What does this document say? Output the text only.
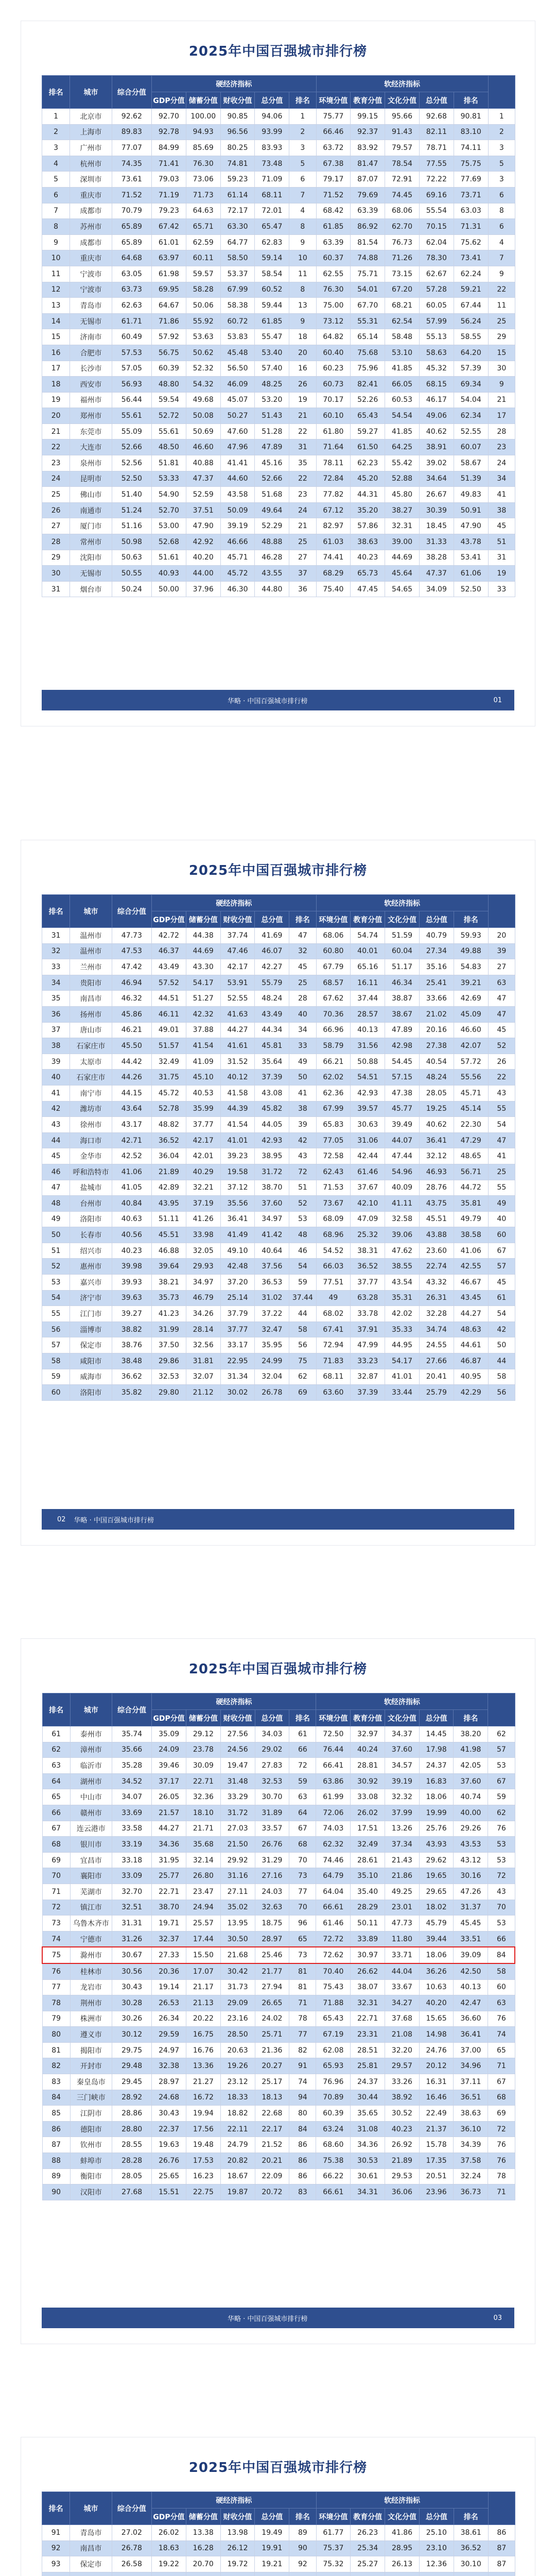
2025年中国百强城市排行榜
排名	城市	综合分值	硬经济指标					软经济指标					
			GDP分值	储蓄分值	财收分值	总分值	排名	环境分值	教育分值	文化分值	总分值	排名	
1	北京市	92.62	92.70	100.00	90.85	94.06	1	75.77	99.15	95.66	92.68	90.81	1
2	上海市	89.83	92.78	94.93	96.56	93.99	2	66.46	92.37	91.43	82.11	83.10	2
3	广州市	77.07	84.99	85.69	80.25	83.93	3	63.72	83.92	79.57	78.71	74.11	3
4	杭州市	74.35	71.41	76.30	74.81	73.48	5	67.38	81.47	78.54	77.55	75.75	5
5	深圳市	73.61	79.03	73.06	59.23	71.09	6	79.17	87.07	72.91	72.22	77.69	3
6	重庆市	71.52	71.19	71.73	61.14	68.11	7	71.52	79.69	74.45	69.16	73.71	6
7	成都市	70.79	79.23	64.63	72.17	72.01	4	68.42	63.39	68.06	55.54	63.03	8
8	苏州市	65.89	67.42	65.71	63.30	65.47	8	61.85	86.92	62.70	70.15	71.31	6
9	成都市	65.89	61.01	62.59	64.77	62.83	9	63.39	81.54	76.73	62.04	75.62	4
10	重庆市	64.68	63.97	60.11	58.50	59.14	10	60.37	74.88	71.26	78.30	73.41	7
11	宁波市	63.05	61.98	59.57	53.37	58.54	11	62.55	75.71	73.15	62.67	62.24	9
12	宁波市	63.73	69.95	58.28	67.99	60.52	8	76.30	54.01	67.20	57.28	59.21	22
13	青岛市	62.63	64.67	50.06	58.38	59.44	13	75.00	67.70	68.21	60.05	67.44	11
14	无锡市	61.71	71.86	55.92	60.72	61.85	9	73.12	55.31	62.54	57.99	56.24	25
15	济南市	60.49	57.92	53.63	53.83	55.47	18	64.82	65.14	58.48	55.13	58.55	29
16	合肥市	57.53	56.75	50.62	45.48	53.40	20	60.40	75.68	53.10	58.63	64.20	15
17	长沙市	57.05	60.39	52.32	56.50	57.40	16	60.23	75.96	41.85	45.32	57.39	30
18	西安市	56.93	48.80	54.32	46.09	48.25	26	60.73	82.41	66.05	68.15	69.34	9
19	福州市	56.44	59.54	49.68	45.07	53.20	19	70.17	52.26	60.53	46.17	54.04	21
20	郑州市	55.61	52.72	50.08	50.27	51.43	21	60.10	65.43	54.54	49.06	62.34	17
21	东莞市	55.09	55.61	50.69	47.60	51.28	22	61.80	59.27	41.85	40.62	52.55	28
22	大连市	52.66	48.50	46.60	47.96	47.89	31	71.64	61.50	64.25	38.91	60.07	23
23	泉州市	52.56	51.81	40.88	41.41	45.16	35	78.11	62.23	55.42	39.02	58.67	24
24	昆明市	52.50	53.33	47.37	44.60	52.66	22	72.84	45.20	52.88	34.64	51.39	34
25	佛山市	51.40	54.90	52.59	43.58	51.68	23	77.82	44.31	45.80	26.67	49.83	41
26	南通市	51.24	52.70	37.51	50.09	49.64	24	67.12	35.20	38.27	30.39	50.91	38
27	厦门市	51.16	53.00	47.90	39.19	52.29	21	82.97	57.86	32.31	18.45	47.90	45
28	常州市	50.98	52.68	42.92	46.66	48.88	25	61.03	38.63	39.00	31.33	43.78	51
29	沈阳市	50.63	51.61	40.20	45.71	46.28	27	74.41	40.23	44.69	38.28	53.41	31
30	无锡市	50.55	40.93	44.00	45.72	43.55	37	68.29	65.73	45.64	47.37	61.06	19
31	烟台市	50.24	50.00	37.96	46.30	44.80	36	75.40	47.45	54.65	34.09	52.50	33
华略 · 中国百强城市排行榜	01
2025年中国百强城市排行榜
排名	城市	综合分值	硬经济指标					软经济指标					
			GDP分值	储蓄分值	财收分值	总分值	排名	环境分值	教育分值	文化分值	总分值	排名	
31	温州市	47.73	42.72	44.38	37.74	41.69	47	68.06	54.74	51.59	40.79	59.93	20
32	温州市	47.53	46.37	44.69	47.46	46.07	32	60.80	40.01	60.04	27.34	49.88	39
33	兰州市	47.42	43.49	43.30	42.17	42.27	45	67.79	65.16	51.17	35.16	54.83	27
34	贵阳市	46.94	57.52	54.17	53.91	55.79	25	68.57	16.11	46.34	25.41	39.21	63
35	南昌市	46.32	44.51	51.27	52.55	48.24	28	67.62	37.44	38.87	33.66	42.69	47
36	扬州市	45.86	46.11	42.32	41.63	43.49	40	70.36	28.57	38.67	21.02	45.09	47
37	唐山市	46.21	49.01	37.88	44.27	44.34	34	66.96	40.13	47.89	20.16	46.60	45
38	石家庄市	45.50	51.57	41.54	41.61	45.81	33	58.79	31.56	42.98	27.38	42.07	52
39	太原市	44.42	32.49	41.09	31.52	35.64	49	66.21	50.88	54.45	40.54	57.72	26
40	石家庄市	44.26	31.75	45.10	40.12	37.39	50	62.02	54.51	57.15	48.24	55.56	22
41	南宁市	44.15	45.72	40.53	41.58	43.08	41	62.36	42.93	47.38	28.05	45.71	43
42	潍坊市	43.64	52.78	35.99	44.39	45.82	38	67.99	39.57	45.77	19.25	45.14	55
43	徐州市	43.17	48.82	37.77	41.54	44.05	39	65.83	30.63	39.49	40.62	22.30	54
44	海口市	42.71	36.52	42.17	41.01	42.93	42	77.05	31.06	44.07	36.41	47.29	47
45	金华市	42.52	36.04	42.01	39.23	38.95	43	72.58	42.44	47.44	32.12	48.65	41
46	呼和浩特市	41.06	21.89	40.29	19.58	31.72	72	62.43	61.46	54.96	46.93	56.71	25
47	盐城市	41.05	42.89	32.21	37.12	38.70	51	71.53	37.67	40.09	28.76	44.72	55
48	台州市	40.84	43.95	37.19	35.56	37.60	52	73.67	42.10	41.11	43.75	35.81	49
49	洛阳市	40.63	51.11	41.26	36.41	34.97	53	68.09	47.09	32.58	45.51	49.79	40
50	长春市	40.56	45.51	33.98	41.49	41.42	48	68.96	25.32	39.06	43.88	38.58	60
51	绍兴市	40.23	46.88	32.05	49.10	40.64	46	54.52	38.31	47.62	23.60	41.06	67
52	惠州市	39.98	39.64	29.93	42.48	37.56	54	66.03	36.52	38.55	22.74	42.55	57
53	嘉兴市	39.93	38.21	34.97	37.20	36.53	59	77.51	37.77	43.54	43.32	46.67	45
54	济宁市	39.63	35.73	46.79	25.14	31.02	37.44	49	63.28	35.31	26.31	43.45	61
55	江门市	39.27	41.23	34.26	37.79	37.22	44	68.02	33.78	42.02	32.28	44.27	54
56	淄博市	38.82	31.99	28.14	37.77	32.47	58	67.41	37.91	35.33	34.74	48.63	42
57	保定市	38.76	37.50	32.56	33.17	35.95	56	72.94	47.99	44.95	24.55	44.61	50
58	咸阳市	38.48	29.86	31.81	22.95	24.99	75	71.83	33.23	54.17	27.66	46.87	44
59	威海市	36.62	32.53	32.07	31.34	32.04	62	68.11	32.87	41.01	20.41	40.95	58
60	洛阳市	35.82	29.80	21.12	30.02	26.78	69	63.60	37.39	33.44	25.79	42.29	56
华略 · 中国百强城市排行榜
02
2025年中国百强城市排行榜
排名	城市	综合分值	硬经济指标					软经济指标					
			GDP分值	储蓄分值	财收分值	总分值	排名	环境分值	教育分值	文化分值	总分值	排名	
61	泰州市	35.74	35.09	29.12	27.56	34.03	61	72.50	32.97	34.37	14.45	38.20	62
62	漳州市	35.66	24.09	23.78	24.56	29.02	66	76.44	40.24	37.60	17.98	41.98	57
63	临沂市	35.28	39.46	30.09	19.47	27.83	72	66.41	28.81	34.57	24.37	42.05	53
64	湖州市	34.52	37.17	22.71	31.48	32.53	59	63.86	30.92	39.19	16.83	37.60	67
65	中山市	34.07	26.05	32.36	33.29	30.70	63	61.99	33.08	32.32	18.06	40.74	59
66	赣州市	33.69	21.57	18.10	31.72	31.89	64	72.06	26.02	37.99	19.99	40.00	62
67	连云港市	33.58	44.27	21.71	27.03	33.57	67	74.03	17.51	13.26	25.76	29.26	76
68	银川市	33.19	34.36	35.68	21.50	26.76	68	62.32	32.49	37.34	43.93	43.53	53
69	宜昌市	33.18	31.95	32.14	29.92	31.29	70	74.46	28.61	21.43	29.62	43.12	53
70	襄阳市	33.09	25.77	26.80	31.16	27.16	73	64.79	35.10	21.86	19.65	30.16	72
71	芜湖市	32.70	22.71	23.47	27.11	24.03	77	64.04	35.40	49.25	29.65	47.26	43
72	镇江市	32.51	38.70	24.94	35.02	32.63	70	66.61	28.29	23.01	18.02	31.37	70
73	乌鲁木齐市	31.31	19.71	25.57	13.95	18.75	96	61.46	50.11	47.73	45.79	45.45	53
74	宁德市	31.26	32.37	17.44	30.50	28.97	65	72.72	33.89	11.80	39.44	33.51	66
75	滁州市	30.67	27.33	15.50	21.68	25.46	73	72.62	30.97	33.71	18.06	39.09	84
76	桂林市	30.56	20.36	17.07	30.42	21.77	81	70.40	26.62	44.04	36.26	42.50	58
77	龙岩市	30.43	19.14	21.17	31.73	27.94	81	75.43	38.07	33.67	10.63	40.13	60
78	荆州市	30.28	26.53	21.13	29.09	26.65	71	71.88	32.31	34.27	40.20	42.47	63
79	株洲市	30.26	26.34	20.22	23.16	24.02	78	65.43	22.71	37.68	15.65	36.60	76
80	遵义市	30.12	29.59	16.75	28.50	25.71	77	67.19	23.31	21.08	14.98	36.41	74
81	揭阳市	29.75	24.97	16.76	20.63	21.36	82	62.08	28.51	32.20	24.76	37.00	65
82	开封市	29.48	32.38	13.36	19.26	20.27	91	65.93	25.81	29.57	20.12	34.96	71
83	秦皇岛市	29.45	28.97	21.27	23.12	25.17	74	76.96	24.37	33.26	16.31	37.11	67
84	三门峡市	28.92	24.68	16.72	18.33	18.13	94	70.89	30.44	38.92	16.46	36.51	68
85	江阴市	28.86	30.43	19.94	18.82	22.68	80	60.39	35.65	30.52	22.49	38.63	69
86	德阳市	28.80	22.37	17.56	22.11	22.17	84	63.24	31.08	40.23	21.37	36.10	72
87	钦州市	28.55	19.63	19.48	24.79	21.52	86	68.60	34.36	26.92	15.78	34.39	76
88	蚌埠市	28.28	26.76	17.53	20.82	20.21	86	75.38	30.53	21.89	17.35	37.58	76
89	衡阳市	28.05	25.65	16.23	18.67	22.09	86	66.22	30.61	29.53	20.51	32.24	78
90	汉阳市	27.68	15.51	22.75	19.87	20.72	83	66.61	34.31	36.06	23.96	36.73	71
华略 · 中国百强城市排行榜	03
2025年中国百强城市排行榜
排名	城市	综合分值	硬经济指标					软经济指标					
			GDP分值	储蓄分值	财收分值	总分值	排名	环境分值	教育分值	文化分值	总分值	排名	
91	青岛市	27.02	26.02	13.38	13.98	19.49	89	61.77	26.23	41.86	25.10	38.61	86
92	南昌市	26.78	18.63	16.28	26.12	19.91	90	75.37	25.34	28.95	23.10	36.52	87
93	保定市	26.58	19.22	20.70	19.72	19.21	92	75.32	25.27	26.13	12.36	30.10	87
